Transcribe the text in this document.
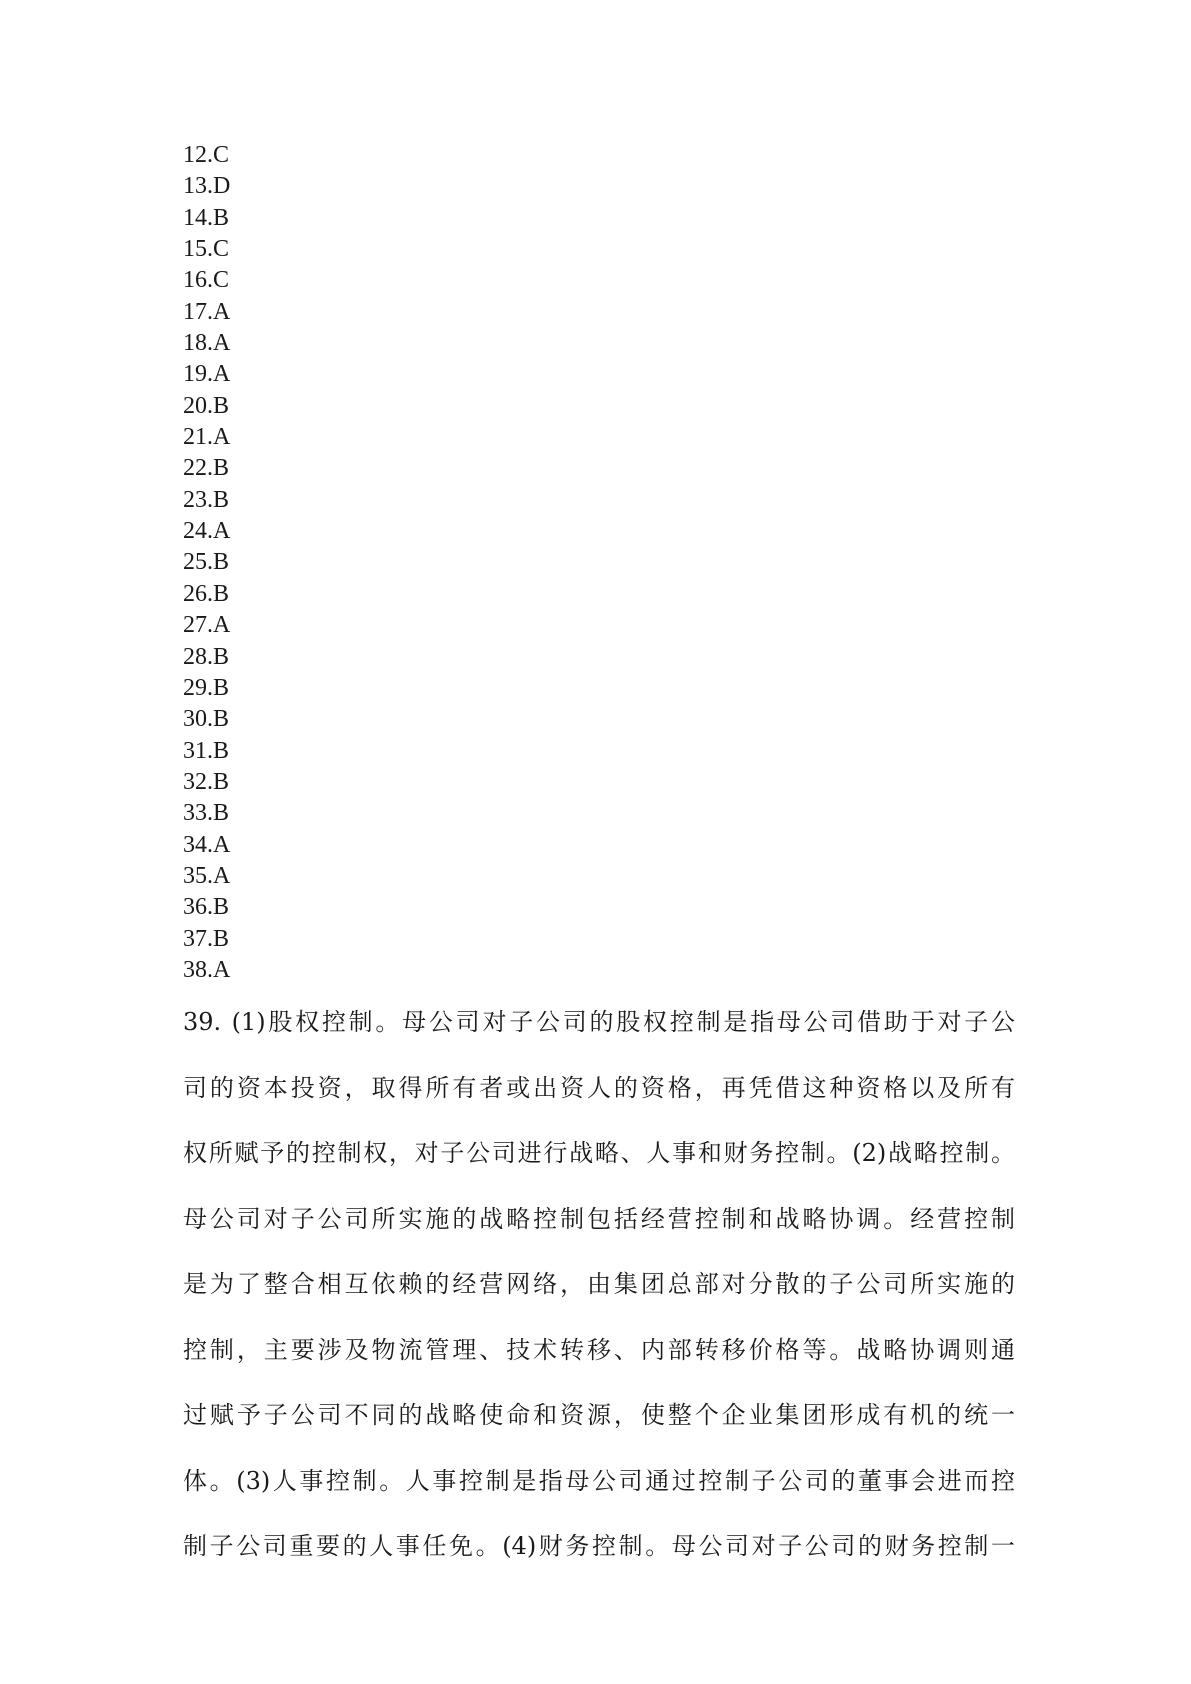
12.C
13.D
14.B
15.C
16.C
17.A
18.A
19.A
20.B
21.A
22.B
23.B
24.A
25.B
26.B
27.A
28.B
29.B
30.B
31.B
32.B
33.B
34.A
35.A
36.B
37.B
38.A
39. (1)股权控制。母公司对子公司的股权控制是指母公司借助于对子公
司的资本投资，取得所有者或出资人的资格，再凭借这种资格以及所有
权所赋予的控制权，对子公司进行战略、人事和财务控制。(2)战略控制。
母公司对子公司所实施的战略控制包括经营控制和战略协调。经营控制
是为了整合相互依赖的经营网络，由集团总部对分散的子公司所实施的
控制，主要涉及物流管理、技术转移、内部转移价格等。战略协调则通
过赋予子公司不同的战略使命和资源，使整个企业集团形成有机的统一
体。(3)人事控制。人事控制是指母公司通过控制子公司的董事会进而控
制子公司重要的人事任免。(4)财务控制。母公司对子公司的财务控制一
